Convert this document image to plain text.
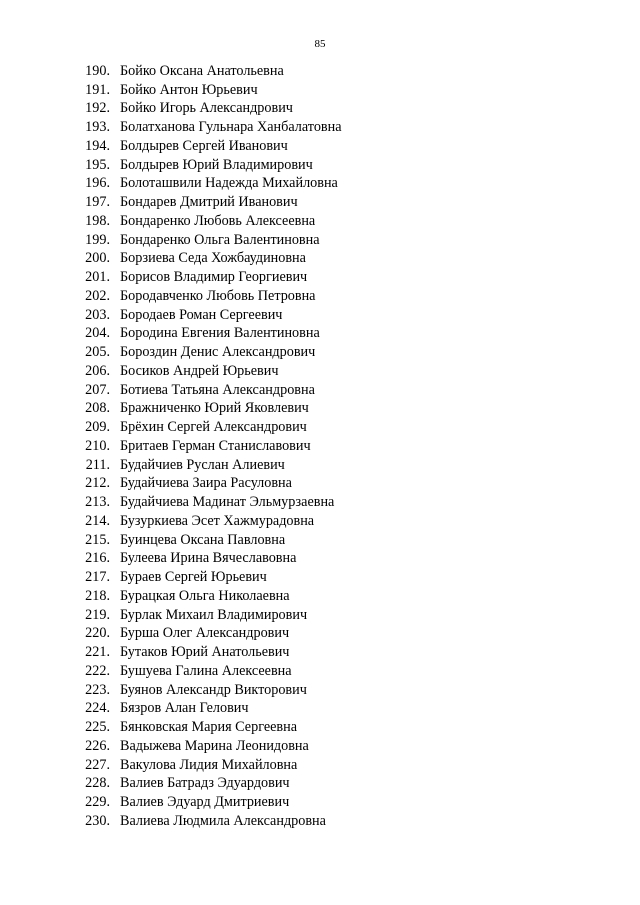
85
190. Бойко Оксана Анатольевна
191. Бойко Антон Юрьевич
192. Бойко Игорь Александрович
193. Болатханова Гульнара Ханбалатовна
194. Болдырев Сергей Иванович
195. Болдырев Юрий Владимирович
196. Болоташвили Надежда Михайловна
197. Бондарев Дмитрий Иванович
198. Бондаренко Любовь Алексеевна
199. Бондаренко Ольга Валентиновна
200. Борзиева Седа Хожбаудиновна
201. Борисов Владимир Георгиевич
202. Бородавченко Любовь Петровна
203. Бородаев Роман Сергеевич
204. Бородина Евгения Валентиновна
205. Бороздин Денис Александрович
206. Босиков Андрей Юрьевич
207. Ботиева Татьяна Александровна
208. Бражниченко Юрий Яковлевич
209. Брёхин Сергей Александрович
210. Бритаев Герман Станиславович
211. Будайчиев Руслан Алиевич
212. Будайчиева Заира Расуловна
213. Будайчиева Мадинат Эльмурзаевна
214. Бузуркиева Эсет Хажмурадовна
215. Буинцева Оксана Павловна
216. Булеева Ирина Вячеславовна
217. Бураев Сергей Юрьевич
218. Бурацкая Ольга Николаевна
219. Бурлак Михаил Владимирович
220. Бурша Олег Александрович
221. Бутаков Юрий Анатольевич
222. Бушуева Галина Алексеевна
223. Буянов Александр Викторович
224. Бязров Алан Гелович
225. Бянковская Мария Сергеевна
226. Вадыжева Марина Леонидовна
227. Вакулова Лидия Михайловна
228. Валиев Батрадз Эдуардович
229. Валиев Эдуард Дмитриевич
230. Валиева Людмила Александровна
